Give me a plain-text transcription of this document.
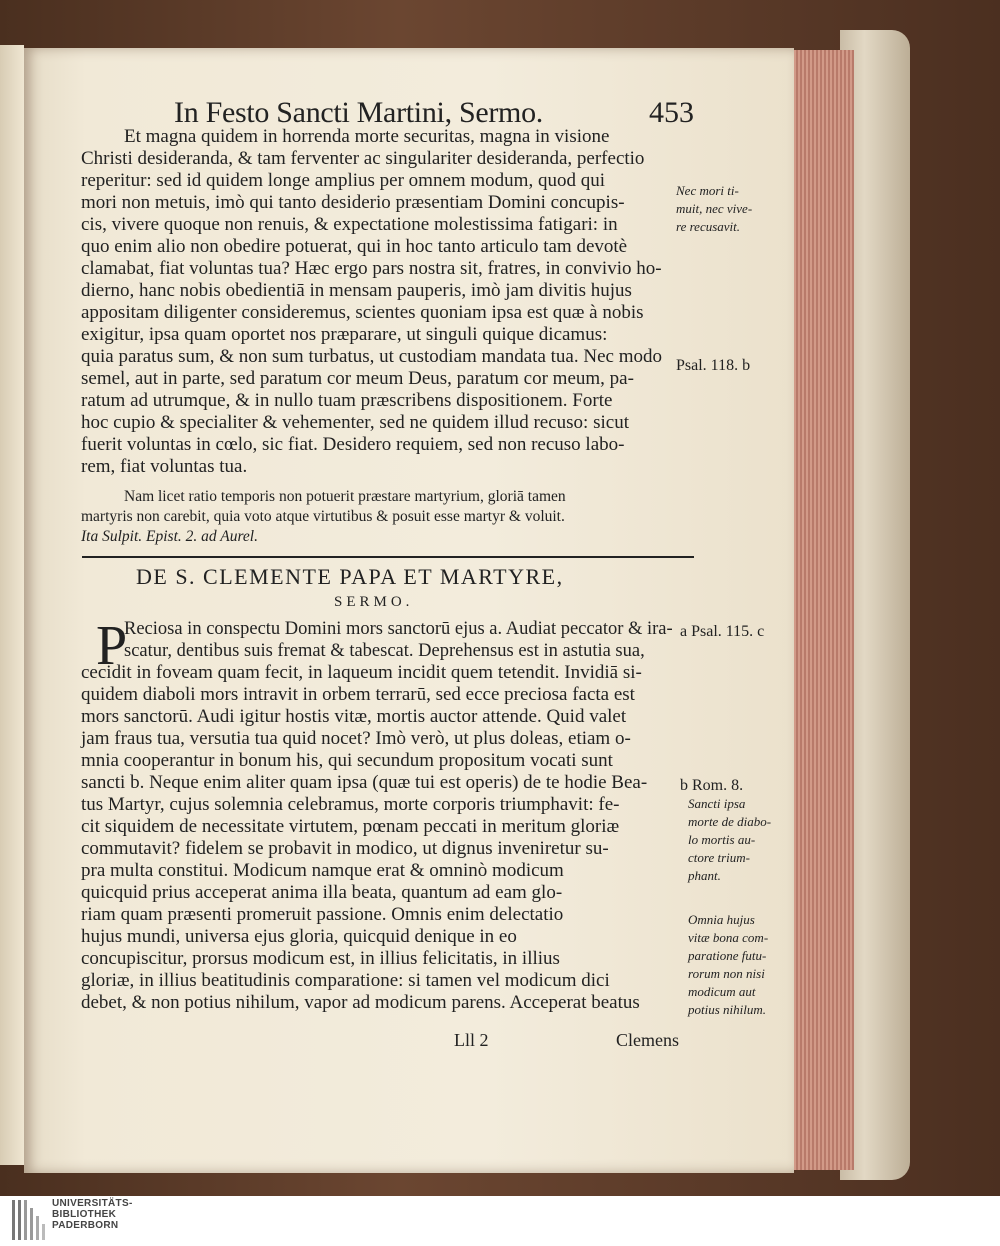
In Festo Sancti Martini, Sermo.	453
Et magna quidem in horrenda morte securitas, magna in visione
Christi desideranda, & tam ferventer ac singulariter desideranda, perfectio
reperitur: sed id quidem longe amplius per omnem modum, quod qui
mori non metuis, imò qui tanto desiderio præsentiam Domini concupis-
cis, vivere quoque non renuis, & expectatione molestissima fatigari: in
quo enim alio non obedire potuerat, qui in hoc tanto articulo tam devotè
clamabat, fiat voluntas tua? Hæc ergo pars nostra sit, fratres, in convivio ho-
dierno, hanc nobis obedientiā in mensam pauperis, imò jam divitis hujus
appositam diligenter consideremus, scientes quoniam ipsa est quæ à nobis
exigitur, ipsa quam oportet nos præparare, ut singuli quique dicamus:
quia paratus sum, & non sum turbatus, ut custodiam mandata tua. Nec modo
semel, aut in parte, sed paratum cor meum Deus, paratum cor meum, pa-
ratum ad utrumque, & in nullo tuam præscribens dispositionem. Forte
hoc cupio & specialiter & vehementer, sed ne quidem illud recuso: sicut
fuerit voluntas in cœlo, sic fiat. Desidero requiem, sed non recuso labo-
rem, fiat voluntas tua.
Nam licet ratio temporis non potuerit præstare martyrium, gloriā tamen
martyris non carebit, quia voto atque virtutibus & posuit esse martyr & voluit.
Ita Sulpit. Epist. 2. ad Aurel.
Nec mori ti-
muit, nec vive-
re recusavit.
Psal. 118. b
DE S. CLEMENTE PAPA ET MARTYRE,
SERMO.
P
Reciosa in conspectu Domini mors sanctorū ejus a. Audiat peccator & ira-
scatur, dentibus suis fremat & tabescat. Deprehensus est in astutia sua,
cecidit in foveam quam fecit, in laqueum incidit quem tetendit. Invidiā si-
quidem diaboli mors intravit in orbem terrarū, sed ecce preciosa facta est
mors sanctorū. Audi igitur hostis vitæ, mortis auctor attende. Quid valet
jam fraus tua, versutia tua quid nocet? Imò verò, ut plus doleas, etiam o-
mnia cooperantur in bonum his, qui secundum propositum vocati sunt
sancti b. Neque enim aliter quam ipsa (quæ tui est operis) de te hodie Bea-
tus Martyr, cujus solemnia celebramus, morte corporis triumphavit: fe-
cit siquidem de necessitate virtutem, pœnam peccati in meritum gloriæ
commutavit? fidelem se probavit in modico, ut dignus inveniretur su-
pra multa constitui. Modicum namque erat & omninò modicum
quicquid prius acceperat anima illa beata, quantum ad eam glo-
riam quam præsenti promeruit passione. Omnis enim delectatio
hujus mundi, universa ejus gloria, quicquid denique in eo
concupiscitur, prorsus modicum est, in illius felicitatis, in illius
gloriæ, in illius beatitudinis comparatione: si tamen vel modicum dici
debet, & non potius nihilum, vapor ad modicum parens. Acceperat beatus
a Psal. 115. c
b Rom. 8.
Sancti ipsa
morte de diabo-
lo mortis au-
ctore trium-
phant.
Omnia hujus
vitæ bona com-
paratione futu-
rorum non nisi
modicum aut
potius nihilum.
Lll 2	Clemens
UNIVERSITÄTS-
BIBLIOTHEK
PADERBORN
